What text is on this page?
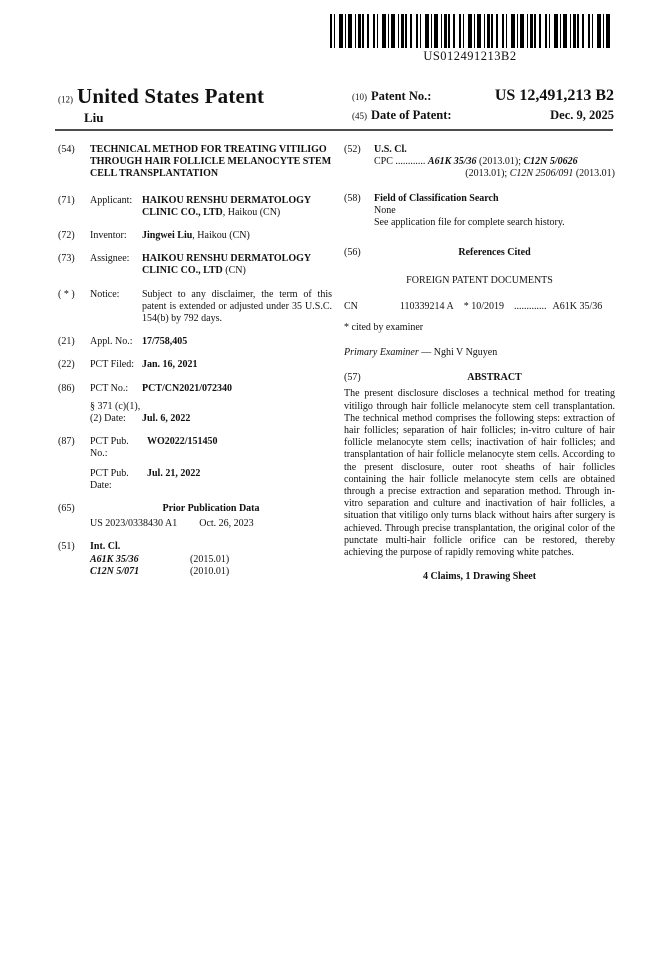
US012491213B2
(12) United States Patent
Liu
(10) Patent No.:	US 12,491,213 B2
(45) Date of Patent:	Dec. 9, 2025
(54)	TECHNICAL METHOD FOR TREATING VITILIGO THROUGH HAIR FOLLICLE MELANOCYTE STEM CELL TRANSPLANTATION
(71)	Applicant: HAIKOU RENSHU DERMATOLOGY CLINIC CO., LTD, Haikou (CN)
(72)	Inventor:	Jingwei Liu, Haikou (CN)
(73)	Assignee:	HAIKOU RENSHU DERMATOLOGY CLINIC CO., LTD (CN)
( * )	Notice:	Subject to any disclaimer, the term of this patent is extended or adjusted under 35 U.S.C. 154(b) by 792 days.
(21)	Appl. No.: 17/758,405
(22)	PCT Filed: Jan. 16, 2021
(86)	PCT No.:	PCT/CN2021/072340
§ 371 (c)(1),
(2) Date:	Jul. 6, 2022
(87)	PCT Pub. No.:
WO2022/151450
PCT Pub. Date:
Jul. 21, 2022
(65)	Prior Publication Data
US 2023/0338430 A1 Oct. 26, 2023
(51)	Int. Cl.
A61K 35/36	(2015.01)
C12N 5/071	(2010.01)
(52)	U.S. Cl.
CPC ............ A61K 35/36 (2013.01); C12N 5/0626
(2013.01); C12N 2506/091 (2013.01)
(58)	Field of Classification Search
None
See application file for complete search history.
(56)	References Cited
FOREIGN PATENT DOCUMENTS
CN	110339214 A * 10/2019 ............. A61K 35/36
* cited by examiner
Primary Examiner — Nghi V Nguyen
(57)	ABSTRACT
The present disclosure discloses a technical method for treating vitiligo through hair follicle melanocyte stem cell transplantation. The technical method comprises the following steps: extraction of hair follicles; separation of hair follicles; in-vitro culture of hair follicle melanocyte stem cells; inactivation of hair follicles; and transplantation of hair follicle melanocyte stem cells. According to the present disclosure, outer root sheaths of hair follicles containing the hair follicle melanocyte stem cells are obtained through a precise extraction and separation method. Through in-vitro separation and culture and inactivation of hair follicles, a situation that vitiligo only turns black without hairs after surgery is achieved. Through precise transplantation, the original color of the punctate multi-hair follicle orifice can be restored, thereby achieving the purpose of rapidly removing white patches.
4 Claims, 1 Drawing Sheet
